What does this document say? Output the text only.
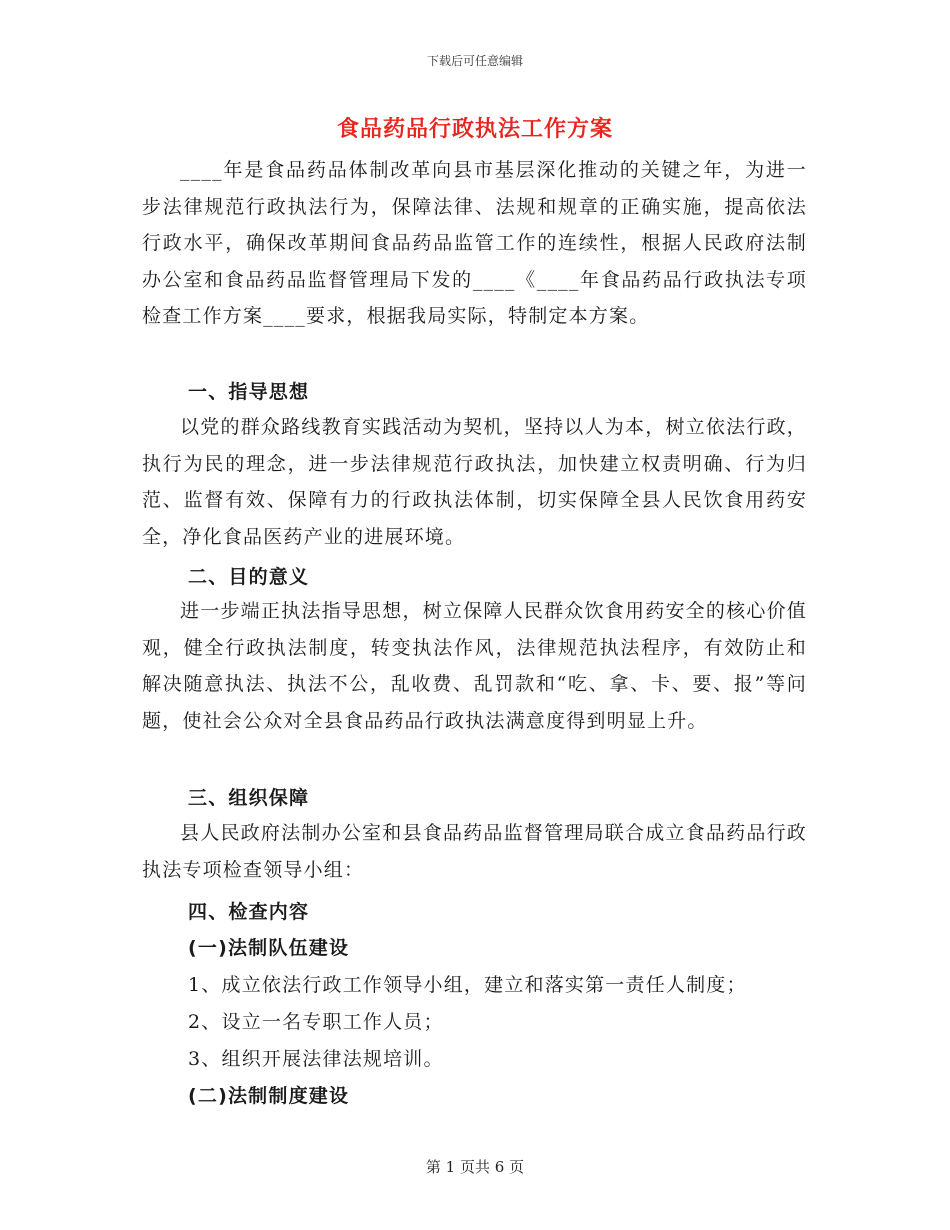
下载后可任意编辑
食品药品行政执法工作方案

____年是食品药品体制改革向县市基层深化推动的关键之年，为进一步法律规范行政执法行为，保障法律、法规和规章的正确实施，提高依法行政水平，确保改革期间食品药品监管工作的连续性，根据人民政府法制办公室和食品药品监督管理局下发的____《____年食品药品行政执法专项检查工作方案____要求，根据我局实际，特制定本方案。

一、指导思想

以党的群众路线教育实践活动为契机，坚持以人为本，树立依法行政，执行为民的理念，进一步法律规范行政执法，加快建立权责明确、行为归范、监督有效、保障有力的行政执法体制，切实保障全县人民饮食用药安全，净化食品医药产业的进展环境。

二、目的意义

进一步端正执法指导思想，树立保障人民群众饮食用药安全的核心价值观，健全行政执法制度，转变执法作风，法律规范执法程序，有效防止和解决随意执法、执法不公，乱收费、乱罚款和“吃、拿、卡、要、报”等问题，使社会公众对全县食品药品行政执法满意度得到明显上升。

三、组织保障

县人民政府法制办公室和县食品药品监督管理局联合成立食品药品行政执法专项检查领导小组：

四、检查内容
(一)法制队伍建设
1、成立依法行政工作领导小组，建立和落实第一责任人制度；
2、设立一名专职工作人员；
3、组织开展法律法规培训。
(二)法制制度建设
第 1 页共 6 页
